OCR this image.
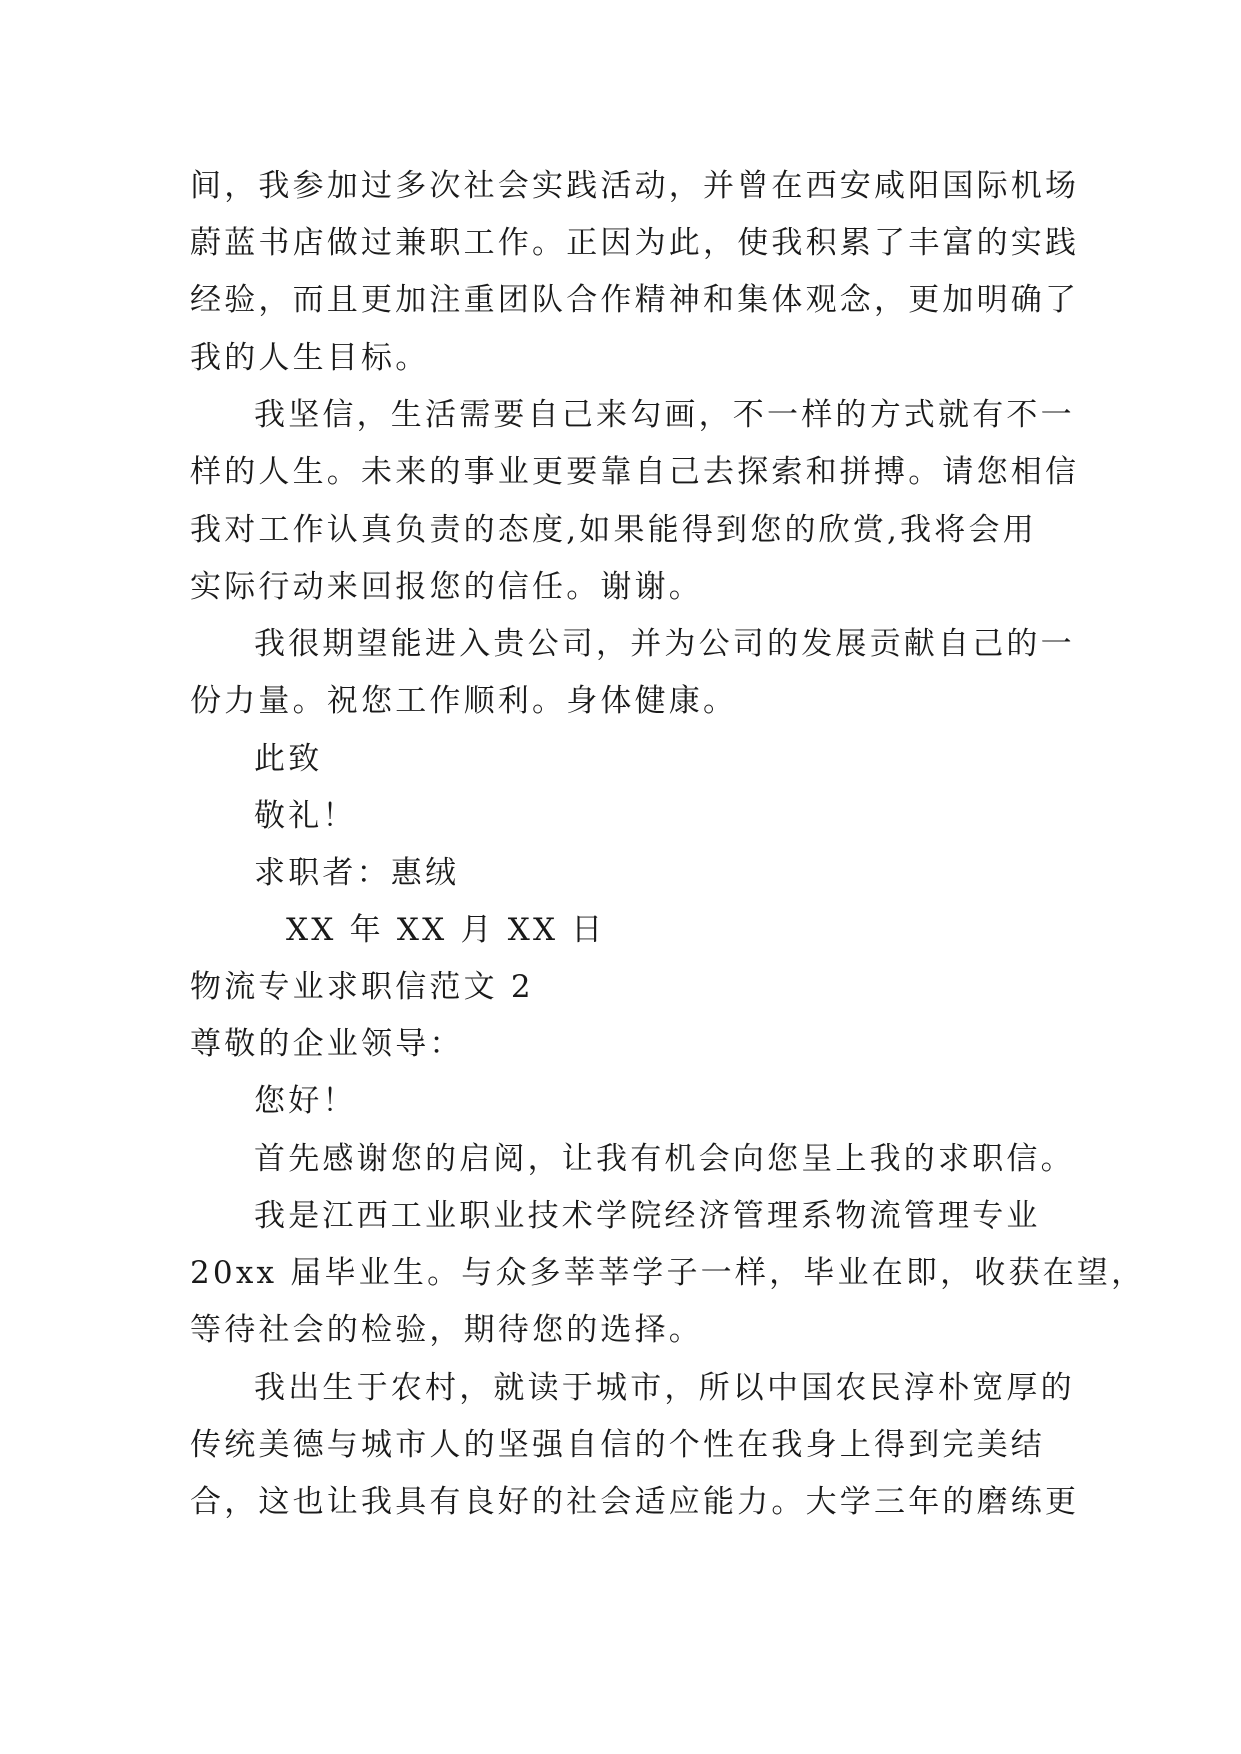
间，我参加过多次社会实践活动，并曾在西安咸阳国际机场
蔚蓝书店做过兼职工作。正因为此，使我积累了丰富的实践
经验，而且更加注重团队合作精神和集体观念，更加明确了
我的人生目标。
我坚信，生活需要自己来勾画，不一样的方式就有不一
样的人生。未来的事业更要靠自己去探索和拼搏。请您相信
我对工作认真负责的态度,如果能得到您的欣赏,我将会用
实际行动来回报您的信任。谢谢。
我很期望能进入贵公司，并为公司的发展贡献自己的一
份力量。祝您工作顺利。身体健康。
此致
敬礼！
求职者：惠绒
XX 年 XX 月 XX 日
物流专业求职信范文 2
尊敬的企业领导：
您好！
首先感谢您的启阅，让我有机会向您呈上我的求职信。
我是江西工业职业技术学院经济管理系物流管理专业
20xx 届毕业生。与众多莘莘学子一样，毕业在即，收获在望，
等待社会的检验，期待您的选择。
我出生于农村，就读于城市，所以中国农民淳朴宽厚的
传统美德与城市人的坚强自信的个性在我身上得到完美结
合，这也让我具有良好的社会适应能力。大学三年的磨练更
